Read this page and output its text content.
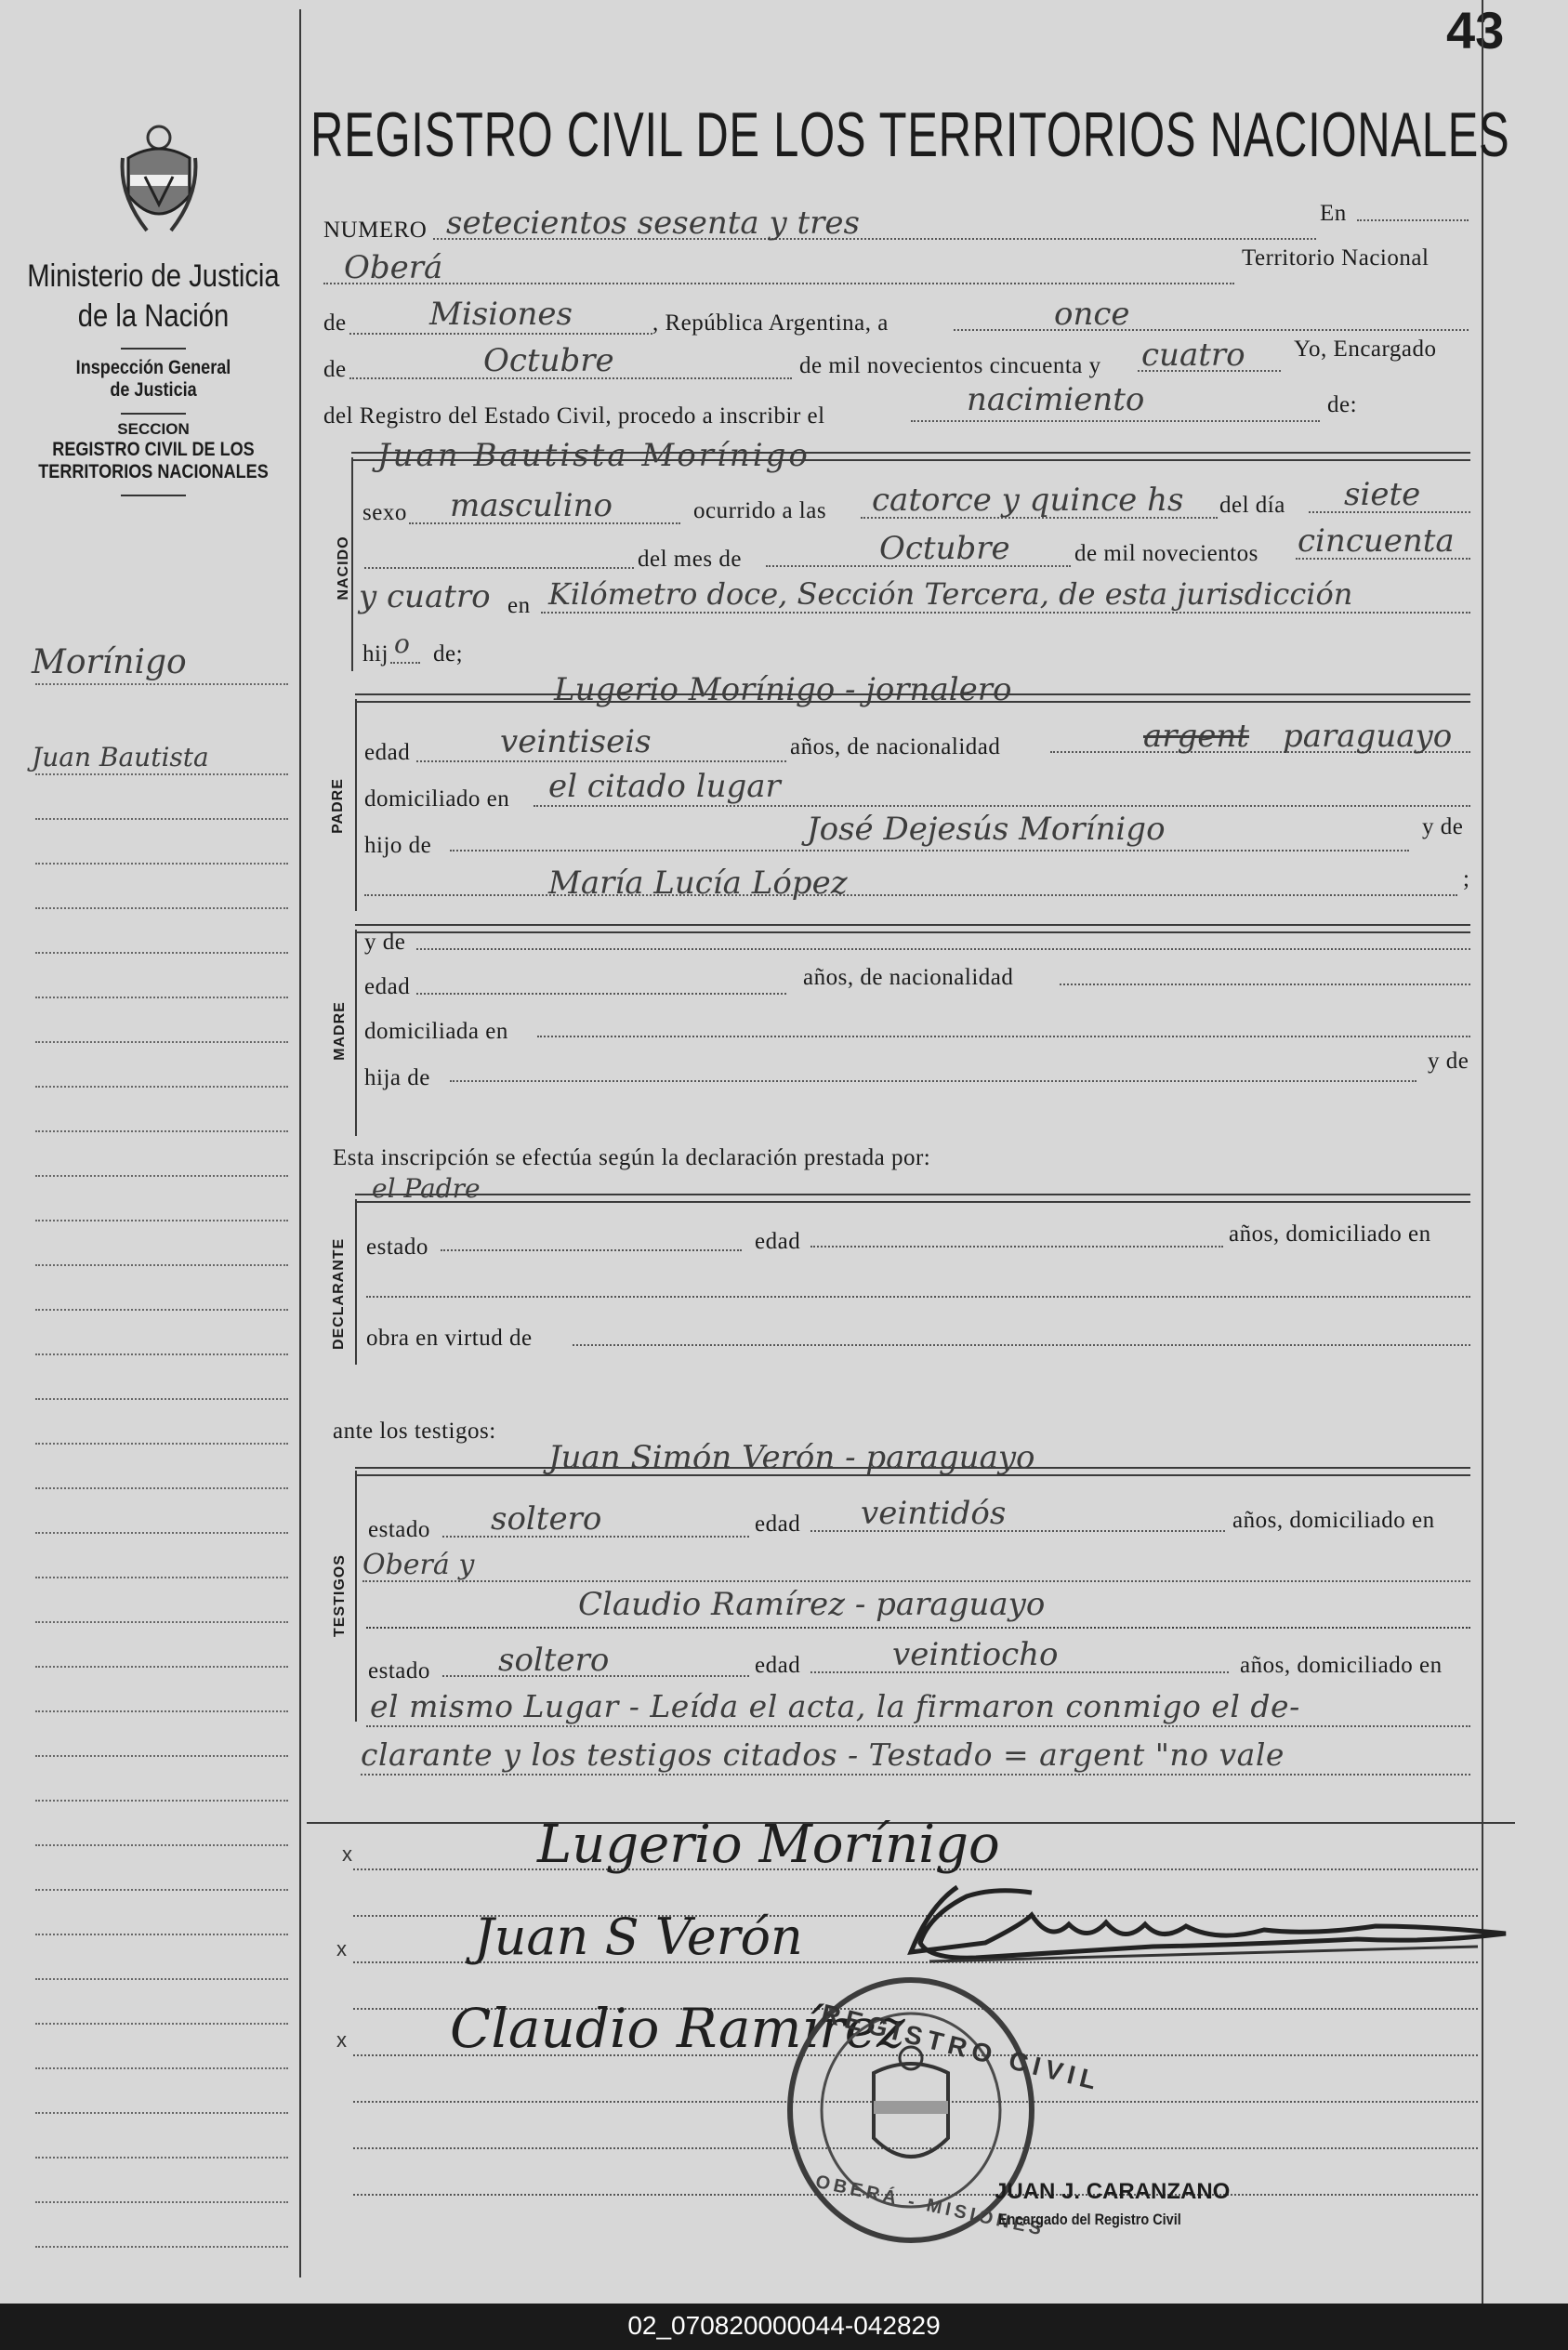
43
Ministerio de Justicia
de la Nación
Inspección General
de Justicia
SECCION
REGISTRO CIVIL DE LOS
TERRITORIOS NACIONALES
Morínigo
Juan Bautista
REGISTRO CIVIL DE LOS TERRITORIOS NACIONALES
NUMERO setecientos sesenta y tres	En
Oberá	Territorio Nacional
de	Misiones	, República Argentina, a	once
de	Octubre	de mil novecientos cincuenta y cuatro Yo, Encargado
del Registro del Estado Civil, procedo a inscribir el	nacimiento	de:
NACIDO
Juan Bautista Morínigo
sexo masculino	ocurrido a las catorce y quince hs del día siete
del mes de	Octubre	de mil novecientos cincuenta
y cuatro en Kilómetro doce, Sección Tercera, de esta jurisdicción
hij o de;
PADRE
Lugerio Morínigo - jornalero
edad	veintiseis	años, de nacionalidad	argent paraguayo
domiciliado en el citado lugar
hijo de	José Dejesús Morínigo	y de
María Lucía López	;
MADRE
y de
edad	años, de nacionalidad
domiciliada en
hija de
y de
Esta inscripción se efectúa según la declaración prestada por:
DECLARANTE
el Padre
estado	edad	años, domiciliado en
obra en virtud de
ante los testigos:
TESTIGOS
Juan Simón Verón - paraguayo
estado soltero	edad veintidós	años, domiciliado en
Oberá y
Claudio Ramírez - paraguayo
estado soltero	edad	veintiocho	años, domiciliado en
el mismo Lugar - Leída el acta, la firmaron conmigo el de-
clarante y los testigos citados - Testado = argent "no vale
x
x
x
Lugerio Morínigo
Juan S Verón
Claudio Ramírez
REGISTRO CIVIL
OBERÁ - MISIONES
JUAN J. CARANZANO
Encargado del Registro Civil
02_070820000044-042829
